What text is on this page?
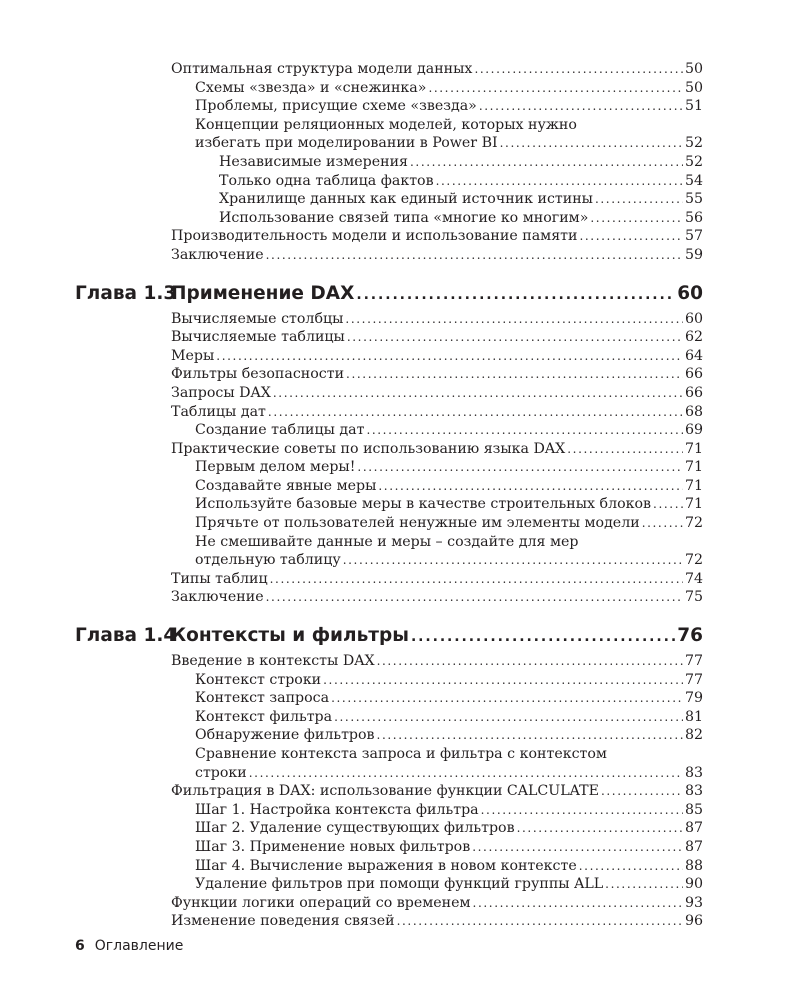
Оптимальная структура модели данных .....	50
Схемы «звезда» и «снежинка» .....	50
Проблемы, присущие схеме «звезда» .....	51
Концепции реляционных моделей, которых нужно
избегать при моделировании в Power BI .....	52
Независимые измерения .....	52
Только одна таблица фактов .....	54
Хранилище данных как единый источник истины .....	55
Использование связей типа «многие ко многим» .....	56
Производительность модели и использование памяти .....	57
Заключение .....	59
Глава 1.3
Применение DAX .....	60
Вычисляемые столбцы .....	60
Вычисляемые таблицы .....	62
Меры .....	64
Фильтры безопасности .....	66
Запросы DAX .....	66
Таблицы дат .....	68
Создание таблицы дат .....	69
Практические советы по использованию языка DAX .....	71
Первым делом меры! .....	71
Создавайте явные меры .....	71
Используйте базовые меры в качестве строительных блоков ..... 71
Прячьте от пользователей ненужные им элементы модели .....	72
Не смешивайте данные и меры – создайте для мер
отдельную таблицу .....	72
Типы таблиц .....	74
Заключение .....	75
Глава 1.4
Контексты и фильтры .....	76
Введение в контексты DAX .....	77
Контекст строки .....	77
Контекст запроса .....	79
Контекст фильтра .....	81
Обнаружение фильтров .....	82
Сравнение контекста запроса и фильтра с контекстом
строки .....	83
Фильтрация в DAX: использование функции CALCULATE .....	83
Шаг 1. Настройка контекста фильтра .....	85
Шаг 2. Удаление существующих фильтров .....	87
Шаг 3. Применение новых фильтров .....	87
Шаг 4. Вычисление выражения в новом контексте .....	88
Удаление фильтров при помощи функций группы ALL .....	90
Функции логики операций со временем .....	93
Изменение поведения связей .....	96
6 Оглавление
